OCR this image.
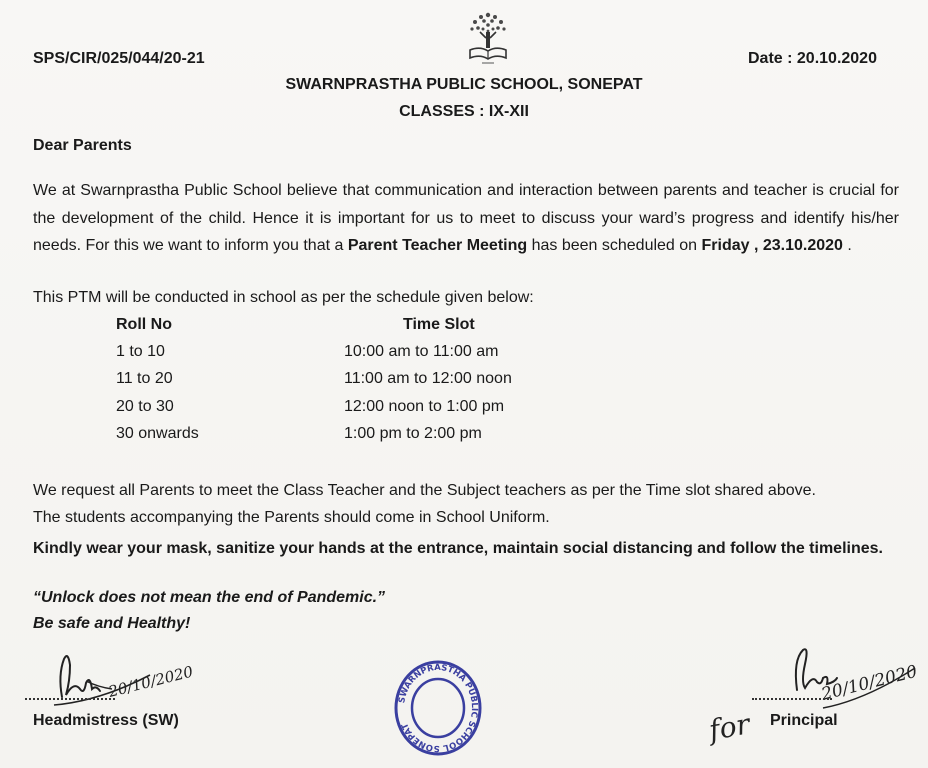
SPS/CIR/025/044/20-21	Date : 20.10.2020
SWARNPRASTHA PUBLIC SCHOOL, SONEPAT
CLASSES : IX-XII
Dear Parents
We at Swarnprastha Public School believe that communication and interaction between parents and teacher is crucial for the development of the child. Hence it is important for us to meet to discuss your ward’s progress and identify his/her needs. For this we want to inform you that a Parent Teacher Meeting has been scheduled on Friday , 23.10.2020 .
This PTM will be conducted in school as per the schedule given below:
Roll No	Time Slot
1 to 10	10:00 am to 11:00 am
11 to 20	11:00 am to 12:00 noon
20 to 30	12:00 noon to 1:00 pm
30 onwards	1:00 pm to 2:00 pm
We request all Parents to meet the Class Teacher and the Subject teachers as per the Time slot shared above.
The students accompanying the Parents should come in School Uniform.
Kindly wear your mask, sanitize your hands at the entrance, maintain social distancing and follow the timelines.
“Unlock does not mean the end of Pandemic.”
Be safe and Healthy!
20/10/2020
Headmistress (SW)
SWARNPRASTHA PUBLIC SCHOOL SONEPAT
20/10/2020
for Principal
